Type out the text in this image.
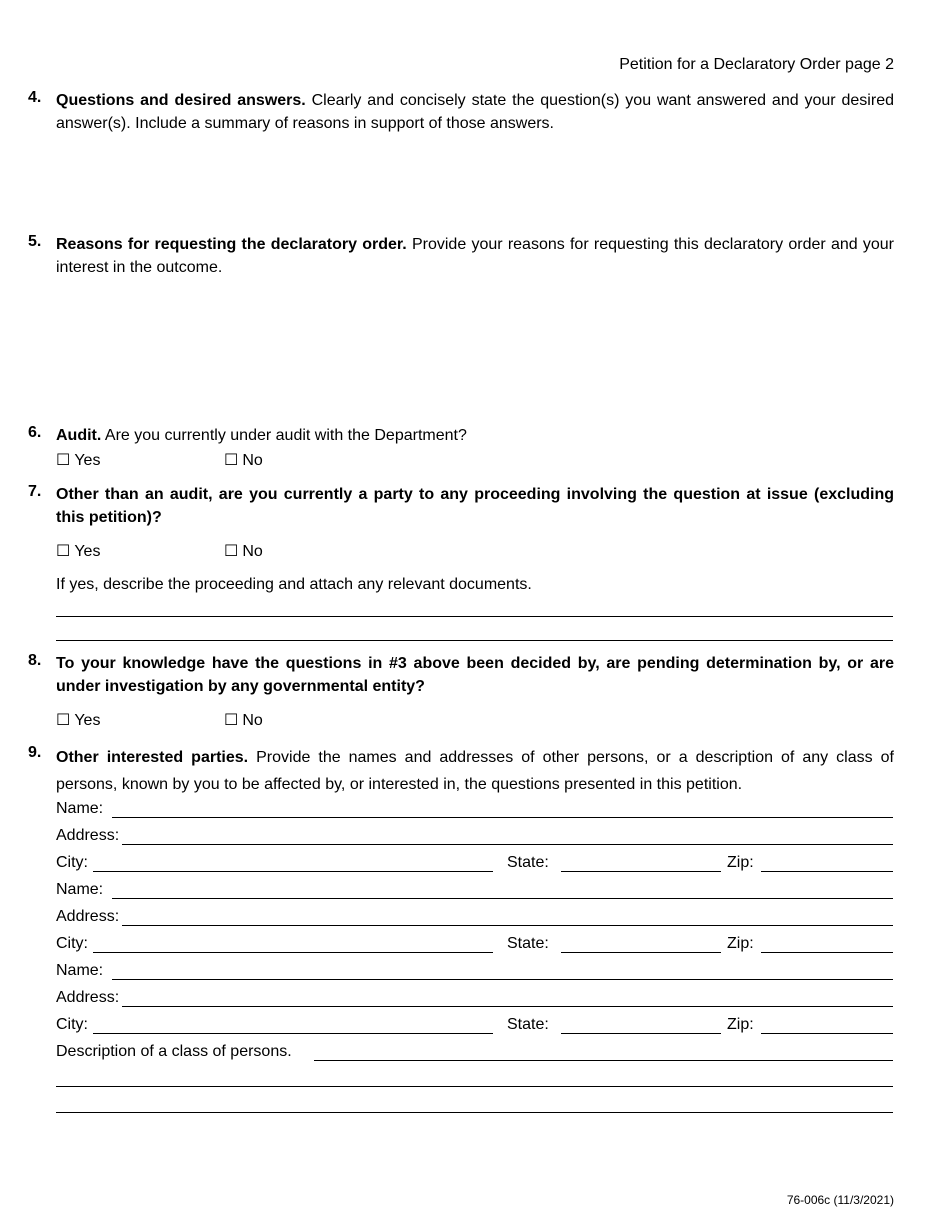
Petition for a Declaratory Order page 2
4. Questions and desired answers. Clearly and concisely state the question(s) you want answered and your desired answer(s). Include a summary of reasons in support of those answers.
5. Reasons for requesting the declaratory order. Provide your reasons for requesting this declaratory order and your interest in the outcome.
6. Audit. Are you currently under audit with the Department?
☐ Yes	☐ No
7. Other than an audit, are you currently a party to any proceeding involving the question at issue (excluding this petition)?
☐ Yes	☐ No
If yes, describe the proceeding and attach any relevant documents.
8. To your knowledge have the questions in #3 above been decided by, are pending determination by, or are under investigation by any governmental entity?
☐ Yes	☐ No
9. Other interested parties. Provide the names and addresses of other persons, or a description of any class of persons, known by you to be affected by, or interested in, the questions presented in this petition.
Name:
Address:
City:	State:	Zip:
Name:
Address:
City:	State:	Zip:
Name:
Address:
City:	State:	Zip:
Description of a class of persons.
76-006c (11/3/2021)
